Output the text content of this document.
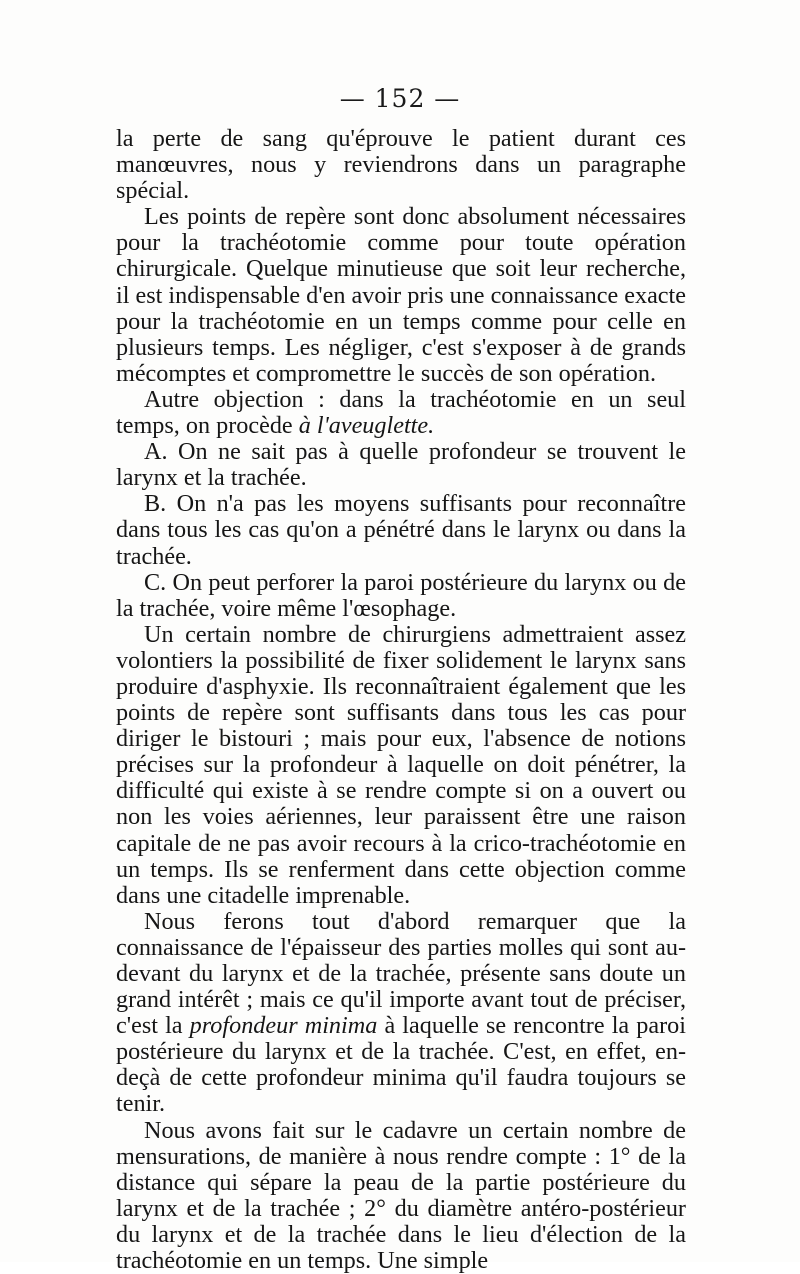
— 152 —

la perte de sang qu'éprouve le patient durant ces manœuvres, nous y reviendrons dans un paragraphe spécial.

Les points de repère sont donc absolument nécessaires pour la trachéotomie comme pour toute opération chirurgicale. Quelque minutieuse que soit leur recherche, il est indispensable d'en avoir pris une connaissance exacte pour la trachéotomie en un temps comme pour celle en plusieurs temps. Les négliger, c'est s'exposer à de grands mécomptes et compromettre le succès de son opération.

Autre objection : dans la trachéotomie en un seul temps, on procède à l'aveuglette.

A. On ne sait pas à quelle profondeur se trouvent le larynx et la trachée.

B. On n'a pas les moyens suffisants pour reconnaître dans tous les cas qu'on a pénétré dans le larynx ou dans la trachée.

C. On peut perforer la paroi postérieure du larynx ou de la trachée, voire même l'œsophage.

Un certain nombre de chirurgiens admettraient assez volontiers la possibilité de fixer solidement le larynx sans produire d'asphyxie. Ils reconnaîtraient également que les points de repère sont suffisants dans tous les cas pour diriger le bistouri ; mais pour eux, l'absence de notions précises sur la profondeur à laquelle on doit pénétrer, la difficulté qui existe à se rendre compte si on a ouvert ou non les voies aériennes, leur paraissent être une raison capitale de ne pas avoir recours à la crico-trachéotomie en un temps. Ils se renferment dans cette objection comme dans une citadelle imprenable.

Nous ferons tout d'abord remarquer que la connaissance de l'épaisseur des parties molles qui sont au-devant du larynx et de la trachée, présente sans doute un grand intérêt ; mais ce qu'il importe avant tout de préciser, c'est la profondeur minima à laquelle se rencontre la paroi postérieure du larynx et de la trachée. C'est, en effet, en-deçà de cette profondeur minima qu'il faudra toujours se tenir.

Nous avons fait sur le cadavre un certain nombre de mensurations, de manière à nous rendre compte : 1° de la distance qui sépare la peau de la partie postérieure du larynx et de la trachée ; 2° du diamètre antéro-postérieur du larynx et de la trachée dans le lieu d'élection de la trachéotomie en un temps. Une simple
